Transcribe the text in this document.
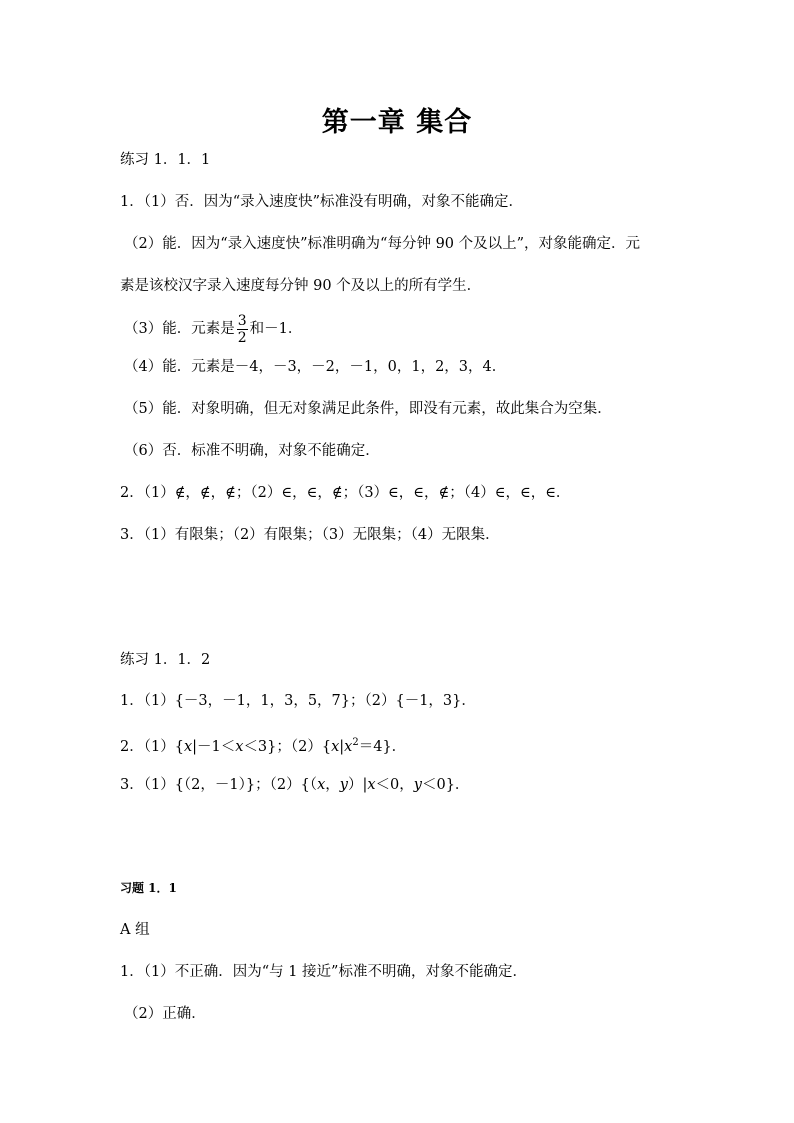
第一章 集合
练习 1．1．1
1．（1）否．因为“录入速度快”标准没有明确，对象不能确定．
（2）能．因为“录入速度快”标准明确为“每分钟 90 个及以上”，对象能确定．元
素是该校汉字录入速度每分钟 90 个及以上的所有学生．
（3）能．元素是 $\frac{3}{2}$ 和－1．
（4）能．元素是－4，－3，－2，－1，0，1，2，3，4．
（5）能．对象明确，但无对象满足此条件，即没有元素，故此集合为空集．
（6）否．标准不明确，对象不能确定．
2．（1）∉，∉，∉；（2）∈，∈，∉；（3）∈，∈，∉；（4）∈，∈，∈．
3．（1）有限集；（2）有限集；（3）无限集；（4）无限集．
练习 1．1．2
1．（1）{－3，－1，1，3，5，7}；（2）{－1，3}．
2．（1）{x|－1＜x＜3}；$(2)\{x|x^2=4\}$．
3．（1）{（2，－1）}；（2）{（x，y）|x＜0，y＜0}．
习题 1．1
A 组
1．（1）不正确．因为“与 1 接近”标准不明确，对象不能确定．
（2）正确．
